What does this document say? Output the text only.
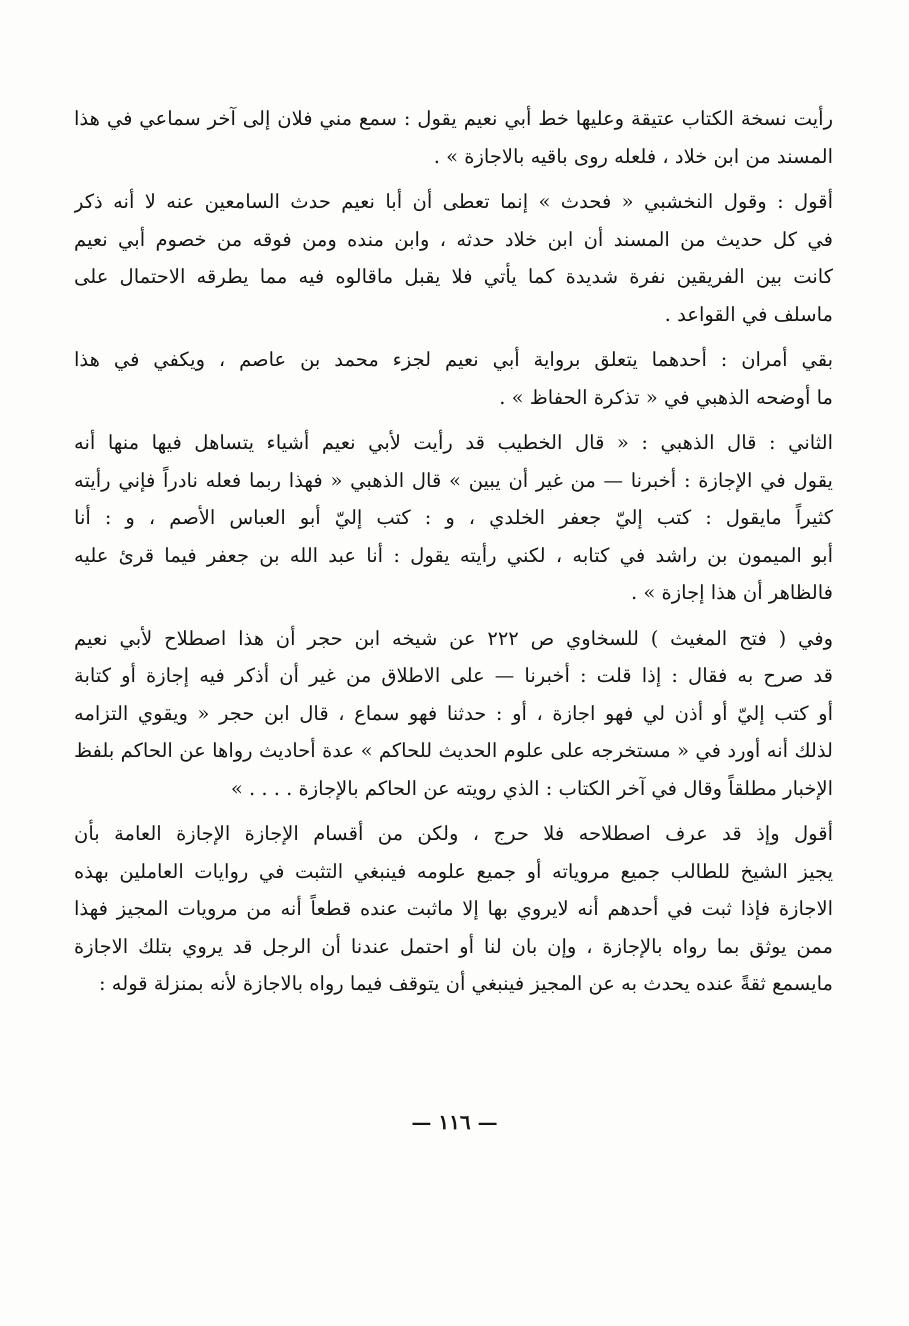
رأيت نسخة الكتاب عتيقة وعليها خط أبي نعيم يقول : سمع مني فلان إلى آخر سماعي في هذا
المسند من ابن خلاد ، فلعله روى باقيه بالاجازة » .
أقول : وقول النخشبي « فحدث » إنما تعطى أن أبا نعيم حدث السامعين عنه لا أنه ذكر
في كل حديث من المسند أن ابن خلاد حدثه ، وابن منده ومن فوقه من خصوم أبي نعيم
كانت بين الفريقين نفرة شديدة كما يأتي فلا يقبل ماقالوه فيه مما يطرقه الاحتمال على
ماسلف في القواعد .
بقي أمران : أحدهما يتعلق برواية أبي نعيم لجزء محمد بن عاصم ، ويكفي في هذا
ما أوضحه الذهبي في « تذكرة الحفاظ » .
الثاني : قال الذهبي : « قال الخطيب قد رأيت لأبي نعيم أشياء يتساهل فيها منها أنه
يقول في الإجازة : أخبرنا — من غير أن يبين » قال الذهبي « فهذا ربما فعله نادراً فإني رأيته
كثيراً مايقول : كتب إليّ جعفر الخلدي ، و : كتب إليّ أبو العباس الأصم ، و : أنا
أبو الميمون بن راشد في كتابه ، لكني رأيته يقول : أنا عبد الله بن جعفر فيما قرئ عليه
فالظاهر أن هذا إجازة » .
وفي ( فتح المغيث ) للسخاوي ص ٢٢٢ عن شيخه ابن حجر أن هذا اصطلاح لأبي نعيم
قد صرح به فقال : إذا قلت : أخبرنا — على الاطلاق من غير أن أذكر فيه إجازة أو كتابة
أو كتب إليّ أو أذن لي فهو اجازة ، أو : حدثنا فهو سماع ، قال ابن حجر « ويقوي التزامه
لذلك أنه أورد في « مستخرجه على علوم الحديث للحاكم » عدة أحاديث رواها عن الحاكم بلفظ
الإخبار مطلقاً وقال في آخر الكتاب : الذي رويته عن الحاكم بالإجازة . . . . »
أقول وإذ قد عرف اصطلاحه فلا حرج ، ولكن من أقسام الإجازة الإجازة العامة بأن
يجيز الشيخ للطالب جميع مروياته أو جميع علومه فينبغي التثبت في روايات العاملين بهذه
الاجازة فإذا ثبت في أحدهم أنه لايروي بها إلا ماثبت عنده قطعاً أنه من مرويات المجيز فهذا
ممن يوثق بما رواه بالإجازة ، وإن بان لنا أو احتمل عندنا أن الرجل قد يروي بتلك الاجازة
مايسمع ثقةً عنده يحدث به عن المجيز فينبغي أن يتوقف فيما رواه بالاجازة لأنه بمنزلة قوله :
— ١١٦ —
